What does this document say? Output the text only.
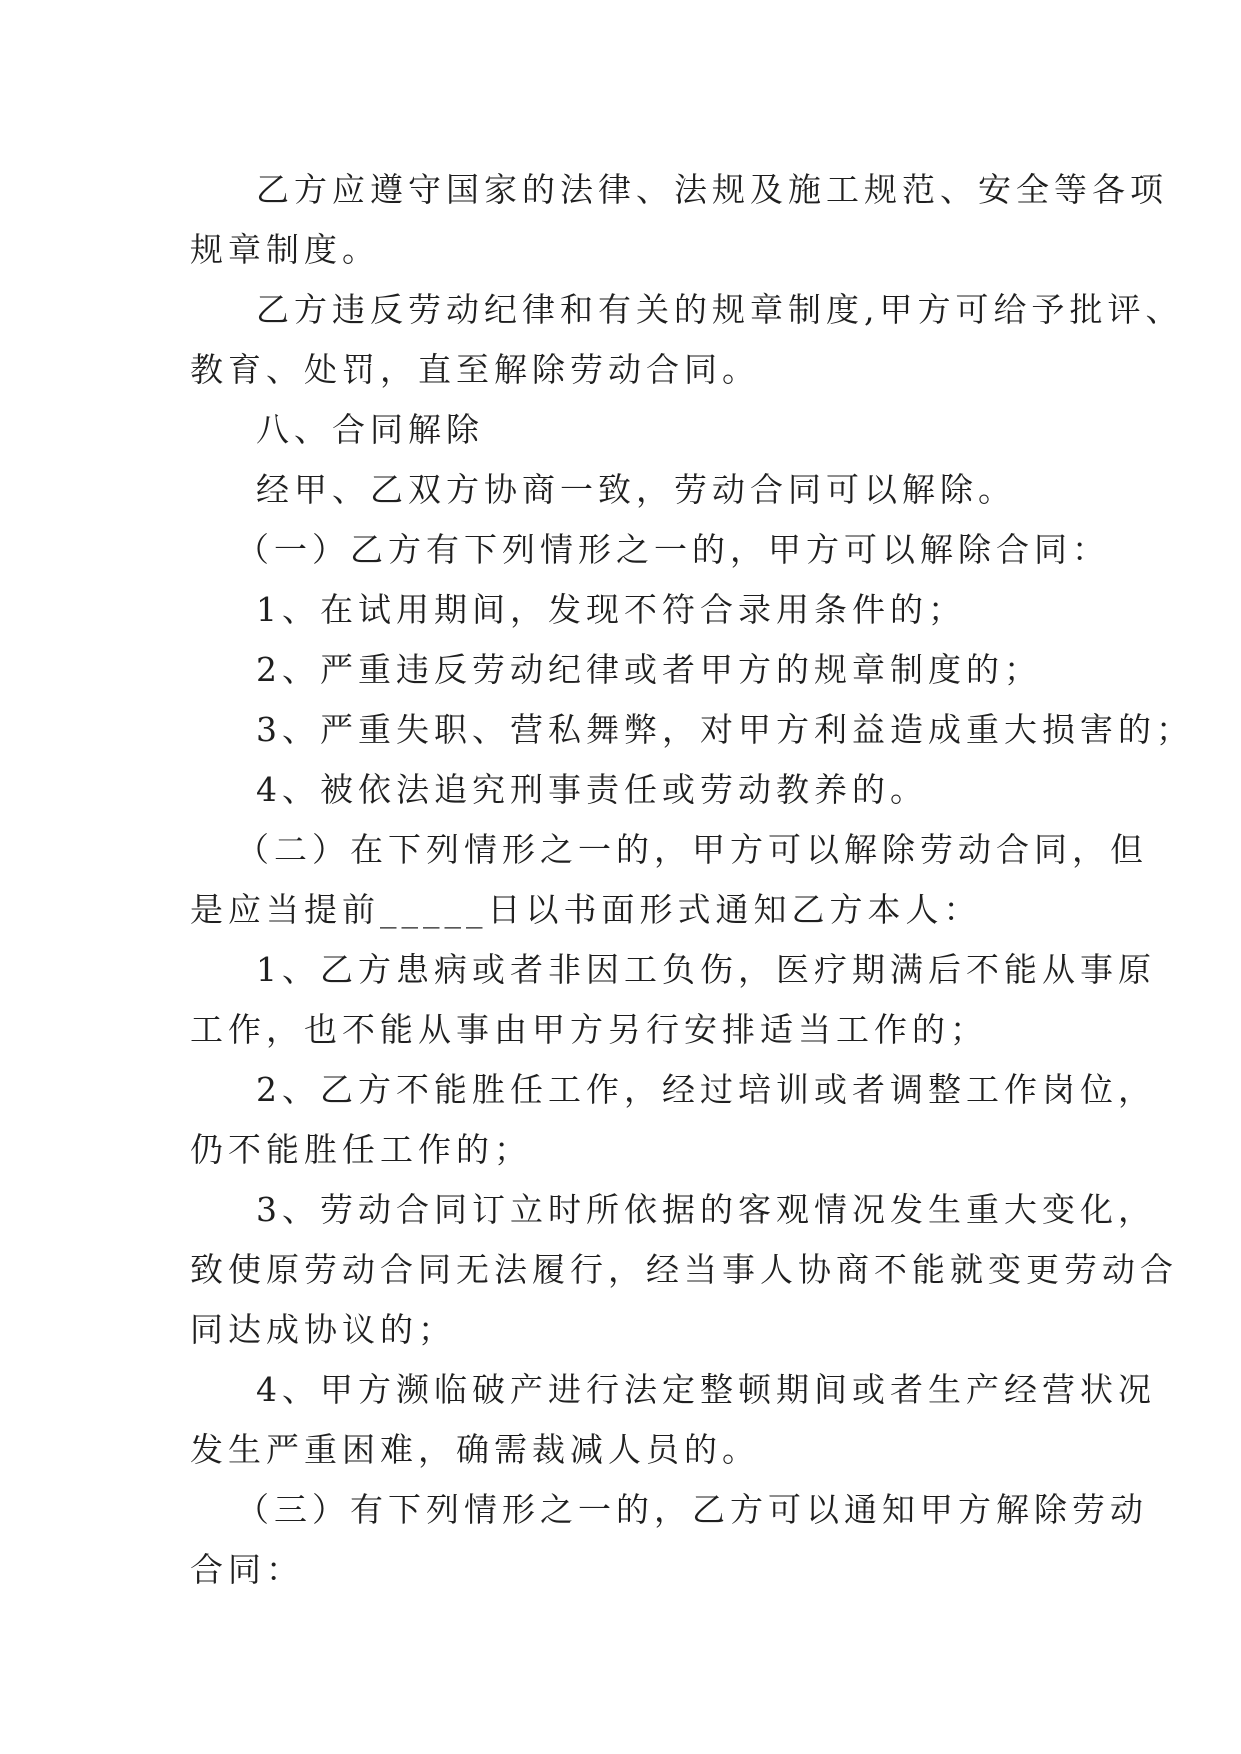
乙方应遵守国家的法律、法规及施工规范、安全等各项
规章制度。
乙方违反劳动纪律和有关的规章制度,甲方可给予批评、
教育、处罚，直至解除劳动合同。
八、合同解除
经甲、乙双方协商一致，劳动合同可以解除。
（一）乙方有下列情形之一的，甲方可以解除合同：
1、在试用期间，发现不符合录用条件的；
2、严重违反劳动纪律或者甲方的规章制度的；
3、严重失职、营私舞弊，对甲方利益造成重大损害的；
4、被依法追究刑事责任或劳动教养的。
（二）在下列情形之一的，甲方可以解除劳动合同，但
是应当提前_____日以书面形式通知乙方本人：
1、乙方患病或者非因工负伤，医疗期满后不能从事原
工作，也不能从事由甲方另行安排适当工作的；
2、乙方不能胜任工作，经过培训或者调整工作岗位，
仍不能胜任工作的；
3、劳动合同订立时所依据的客观情况发生重大变化，
致使原劳动合同无法履行，经当事人协商不能就变更劳动合
同达成协议的；
4、甲方濒临破产进行法定整顿期间或者生产经营状况
发生严重困难，确需裁减人员的。
（三）有下列情形之一的，乙方可以通知甲方解除劳动
合同：
